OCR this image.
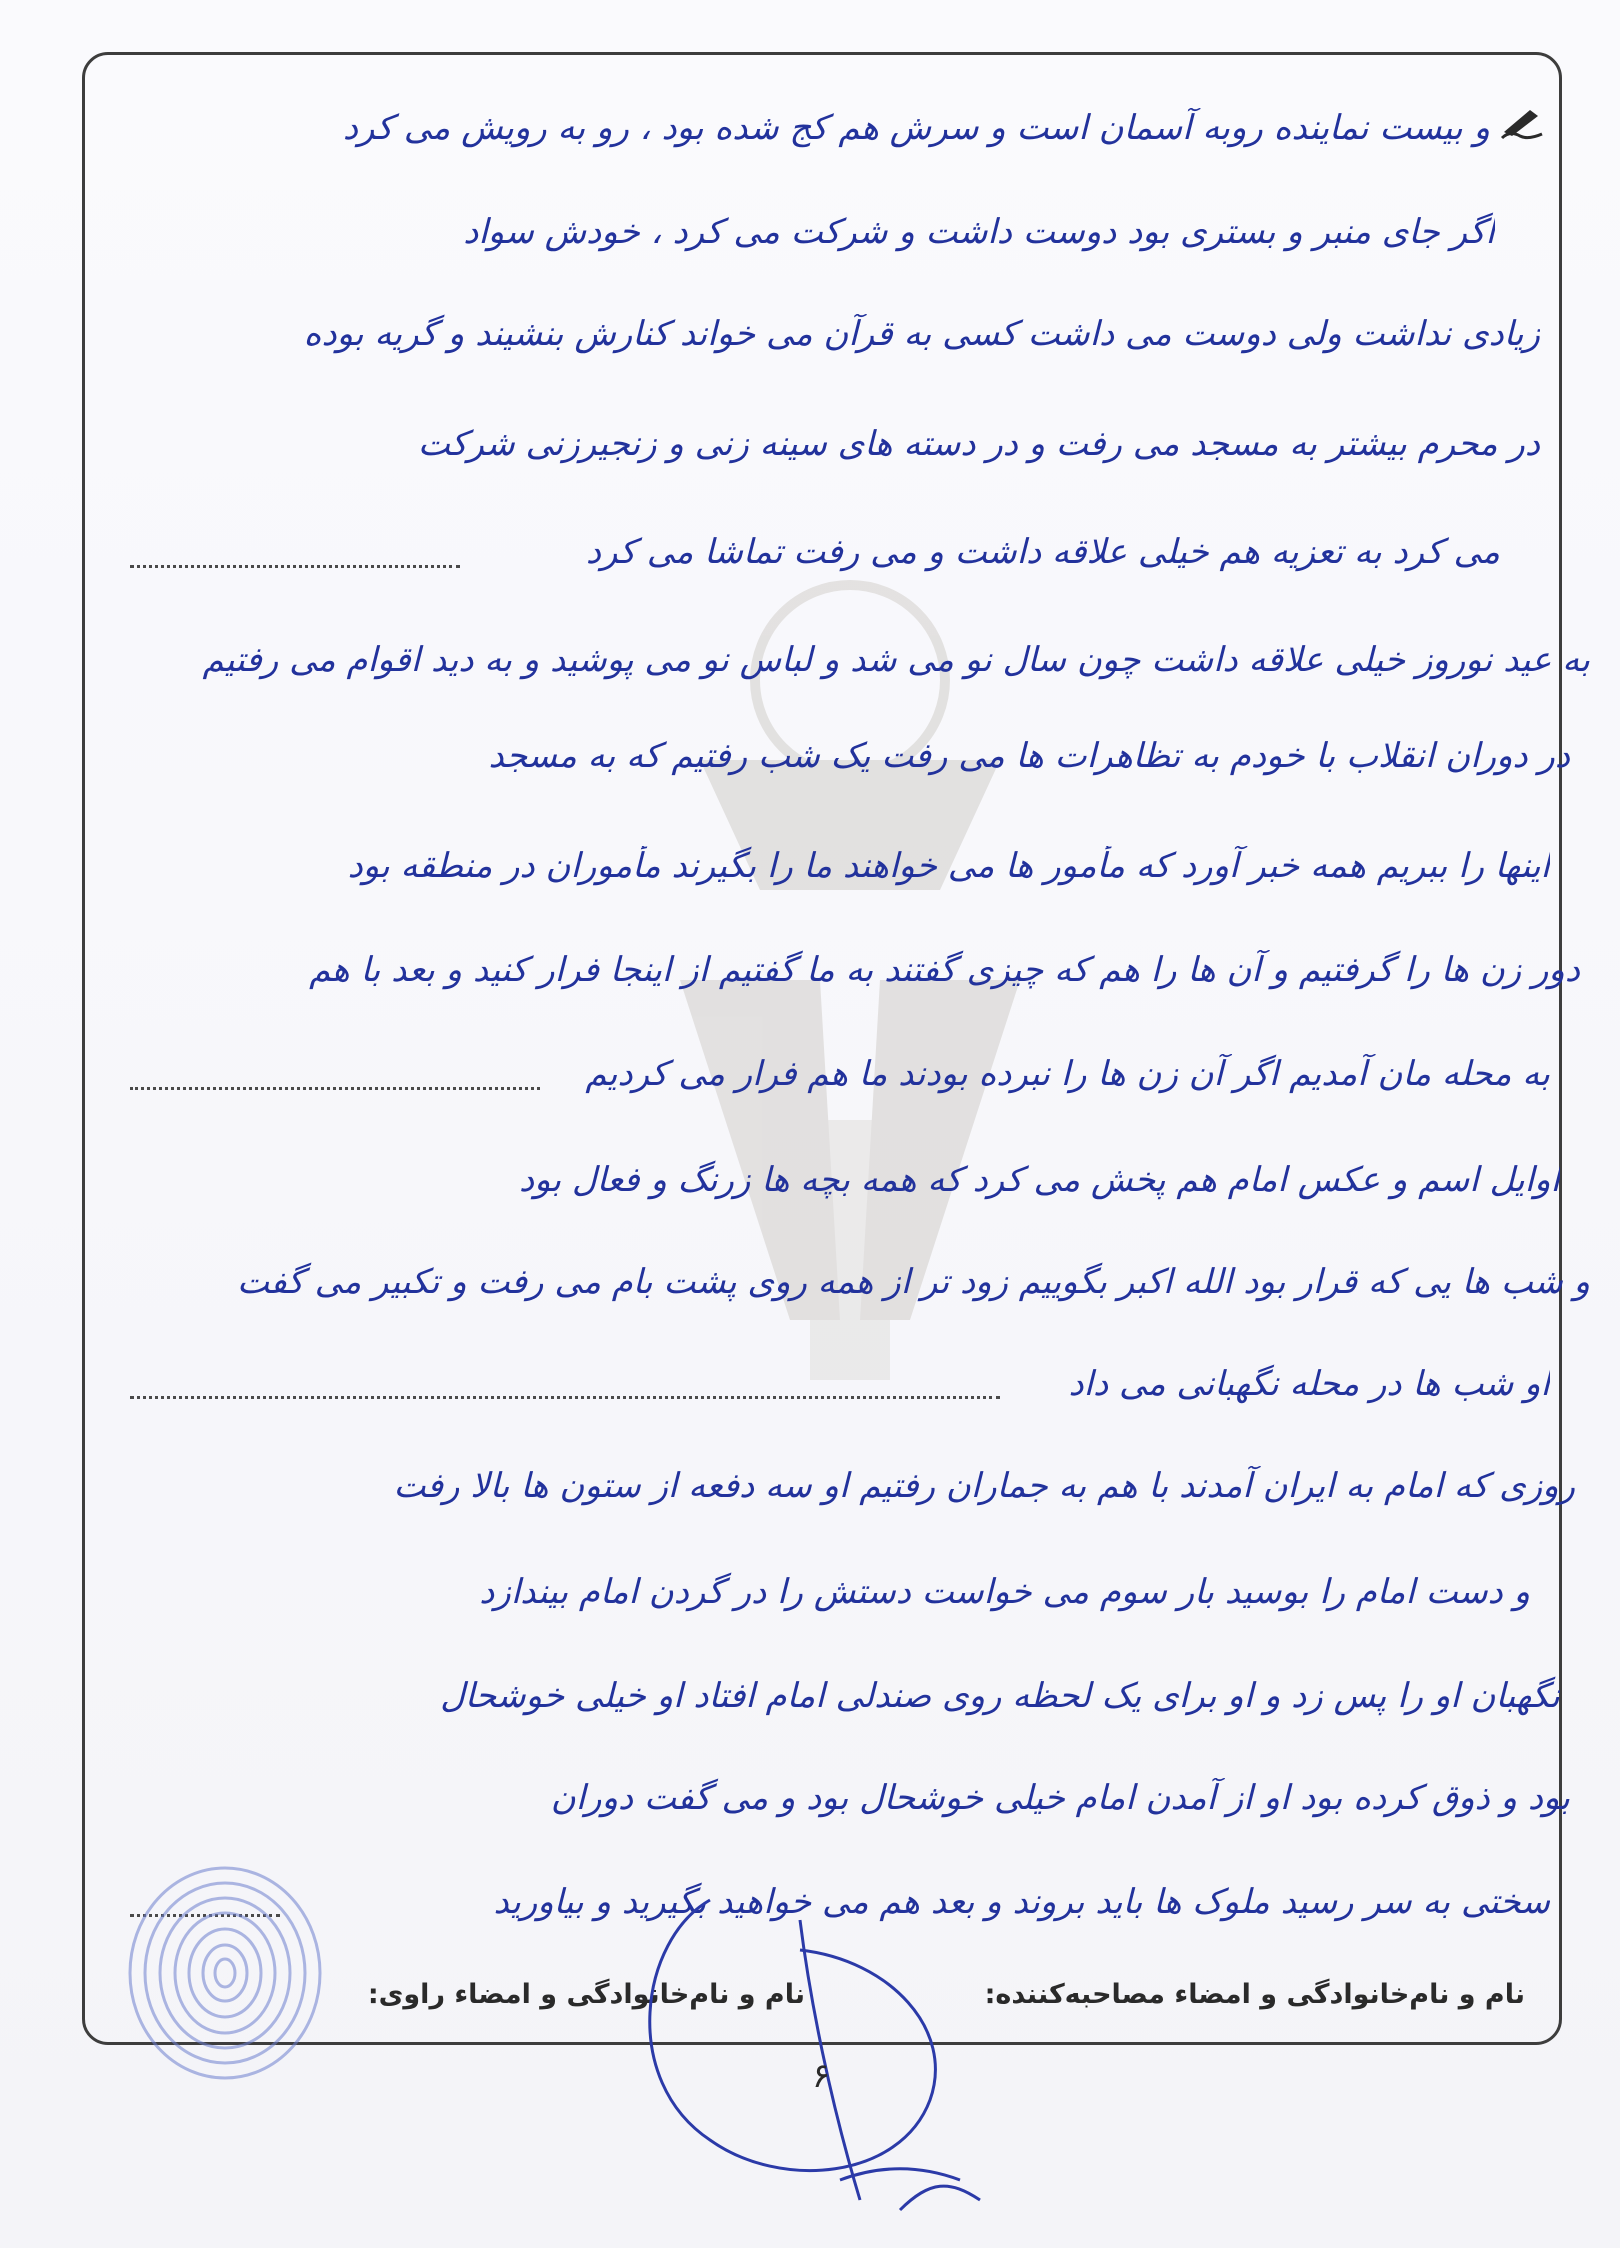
و بیست نماینده روبه آسمان است و سرش هم کج شده بود ، رو به رویش می کرد
اگر جای منبر و بستری بود دوست داشت و شرکت می کرد ، خودش سواد
زیادی نداشت ولی دوست می داشت کسی به قرآن می خواند کنارش بنشیند و گریه بوده
در محرم بیشتر به مسجد می رفت و در دسته های سینه زنی و زنجیرزنی شرکت
می کرد به تعزیه هم خیلی علاقه داشت و می رفت تماشا می کرد
به عید نوروز خیلی علاقه داشت چون سال نو می شد و لباس نو می پوشید و به دید اقوام می رفتیم
در دوران انقلاب با خودم به تظاهرات ها می رفت یک شب رفتیم که به مسجد
اینها را ببریم همه خبر آورد که مأمور ها می خواهند ما را بگیرند مأموران در منطقه بود
دور زن ها را گرفتیم و آن ها را هم که چیزی گفتند به ما گفتیم از اینجا فرار کنید و بعد با هم
به محله مان آمدیم اگر آن زن ها را نبرده بودند ما هم فرار می کردیم
اوایل اسم و عکس امام هم پخش می کرد که همه بچه ها زرنگ و فعال بود
و شب ها یی که قرار بود الله اکبر بگوییم زود تر از همه روی پشت بام می رفت و تکبیر می گفت
او شب ها در محله نگهبانی می داد
روزی که امام به ایران آمدند با هم به جماران رفتیم او سه دفعه از ستون ها بالا رفت
و دست امام را بوسید بار سوم می خواست دستش را در گردن امام بیندازد
نگهبان او را پس زد و او برای یک لحظه روی صندلی امام افتاد او خیلی خوشحال
بود و ذوق کرده بود او از آمدن امام خیلی خوشحال بود و می گفت دوران
سختی به سر رسید ملوک ها باید بروند و بعد هم می خواهید بگیرید و بیاورید
نام و نام‌خانوادگی و امضاء مصاحبه‌کننده:
نام و نام‌خانوادگی و امضاء راوی:
۶
